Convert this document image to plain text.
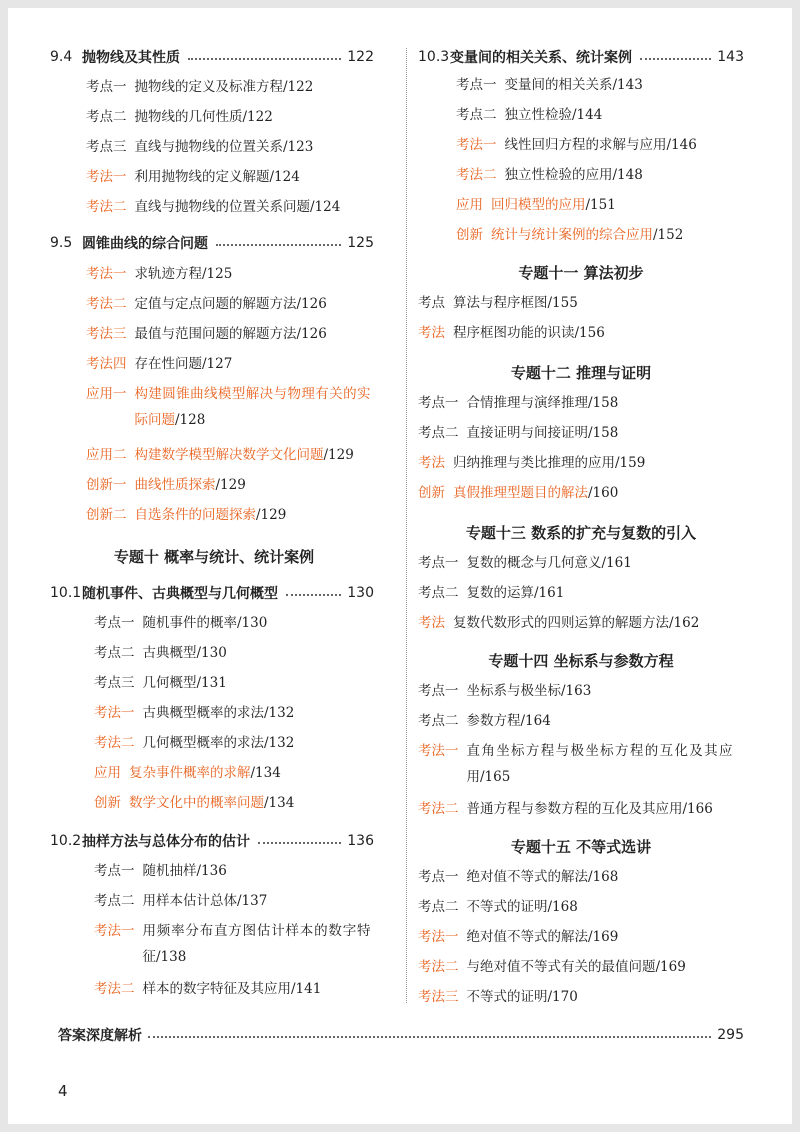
9.4 抛物线及其性质	122
考点一 抛物线的定义及标准方程/122
考点二 抛物线的几何性质/122
考点三 直线与抛物线的位置关系/123
考法一 利用抛物线的定义解题/124
考法二 直线与抛物线的位置关系问题/124
9.5 圆锥曲线的综合问题	125
考法一 求轨迹方程/125
考法二 定值与定点问题的解题方法/126
考法三 最值与范围问题的解题方法/126
考法四 存在性问题/127
应用一 构建圆锥曲线模型解决与物理有关的实际问题/128
应用二 构建数学模型解决数学文化问题 /129
创新一 曲线性质探索 /129
创新二 自选条件的问题探索 /129
专题十 概率与统计、统计案例
10.1 随机事件、古典概型与几何概型	130
考点一 随机事件的概率/130
考点二 古典概型/130
考点三 几何概型/131
考法一 古典概型概率的求法/132
考法二 几何概型概率的求法/132
应用 复杂事件概率的求解 /134
创新 数学文化中的概率问题 /134
10.2 抽样方法与总体分布的估计	136
考点一 随机抽样/136
考点二 用样本估计总体/137
考法一 用频率分布直方图估计样本的数字特征/138
考法二 样本的数字特征及其应用/141
10.3 变量间的相关关系、统计案例	143
考点一 变量间的相关关系/143
考点二 独立性检验/144
考法一 线性回归方程的求解与应用/146
考法二 独立性检验的应用/148
应用 回归模型的应用 /151
创新 统计与统计案例的综合应用 /152
专题十一 算法初步
考点 算法与程序框图/155
考法 程序框图功能的识读/156
专题十二 推理与证明
考点一 合情推理与演绎推理/158
考点二 直接证明与间接证明/158
考法 归纳推理与类比推理的应用/159
创新 真假推理型题目的解法 /160
专题十三 数系的扩充与复数的引入
考点一 复数的概念与几何意义/161
考点二 复数的运算/161
考法 复数代数形式的四则运算的解题方法/162
专题十四 坐标系与参数方程
考点一 坐标系与极坐标/163
考点二 参数方程/164
考法一 直角坐标方程与极坐标方程的互化及其应用/165
考法二 普通方程与参数方程的互化及其应用/166
专题十五 不等式选讲
考点一 绝对值不等式的解法/168
考点二 不等式的证明/168
考法一 绝对值不等式的解法/169
考法二 与绝对值不等式有关的最值问题/169
考法三 不等式的证明/170
答案深度解析	295
4
